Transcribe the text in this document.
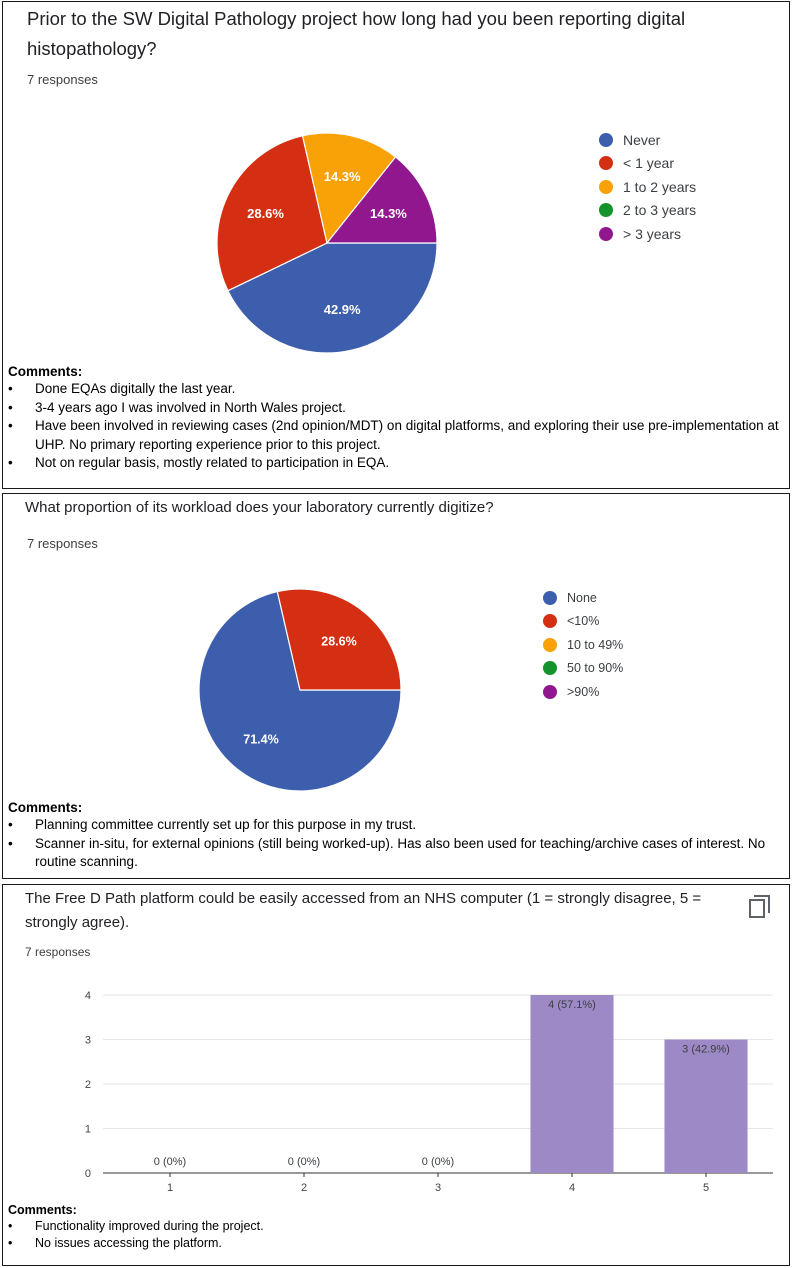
Prior to the SW Digital Pathology project how long had you been reporting digital histopathology?
7 responses
42.9%
28.6%
14.3%
14.3%
Never
< 1 year
1 to 2 years
2 to 3 years
> 3 years
Comments:
• Done EQAs digitally the last year.
• 3-4 years ago I was involved in North Wales project.
• Have been involved in reviewing cases (2nd opinion/MDT) on digital platforms, and exploring their use pre-implementation at UHP. No primary reporting experience prior to this project.
• Not on regular basis, mostly related to participation in EQA.
What proportion of its workload does your laboratory currently digitize?
7 responses
71.4%
28.6%
None
<10%
10 to 49%
50 to 90%
>90%
Comments:
• Planning committee currently set up for this purpose in my trust.
• Scanner in-situ, for external opinions (still being worked-up). Has also been used for teaching/archive cases of interest. No routine scanning.
The Free D Path platform could be easily accessed from an NHS computer (1 = strongly disagree, 5 = strongly agree).
7 responses
0
1
2
3
4
0 (0%)
1
0 (0%)
2
0 (0%)
3
4 (57.1%)
4
3 (42.9%)
5
Comments:
• Functionality improved during the project.
• No issues accessing the platform.
